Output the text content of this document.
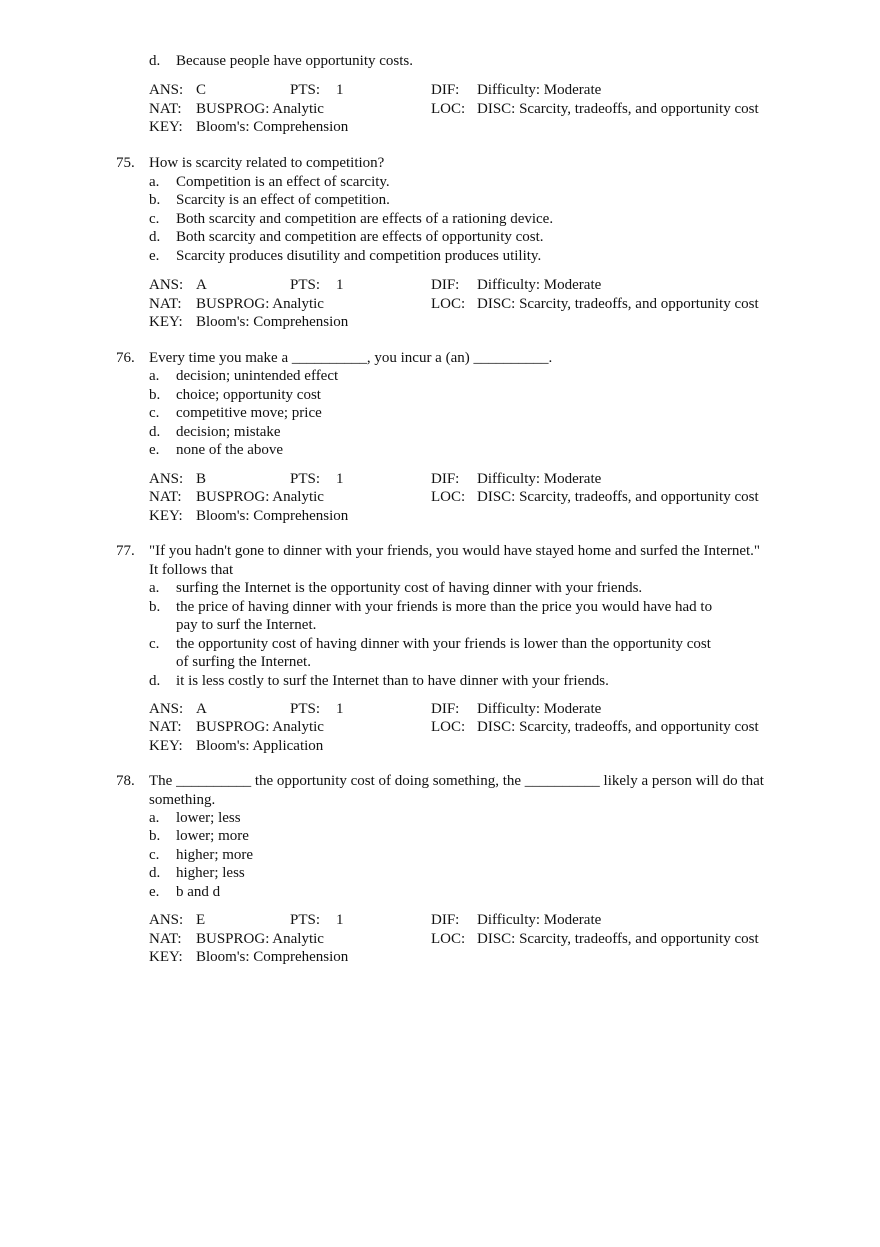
d. Because people have opportunity costs.
ANS: C	PTS: 1	DIF: Difficulty: Moderate
NAT: BUSPROG: Analytic	LOC: DISC: Scarcity, tradeoffs, and opportunity cost
KEY: Bloom's: Comprehension
75. How is scarcity related to competition?
a. Competition is an effect of scarcity.
b. Scarcity is an effect of competition.
c. Both scarcity and competition are effects of a rationing device.
d. Both scarcity and competition are effects of opportunity cost.
e. Scarcity produces disutility and competition produces utility.
ANS: A	PTS: 1	DIF: Difficulty: Moderate
NAT: BUSPROG: Analytic	LOC: DISC: Scarcity, tradeoffs, and opportunity cost
KEY: Bloom's: Comprehension
76. Every time you make a __________, you incur a (an) __________.
a. decision; unintended effect
b. choice; opportunity cost
c. competitive move; price
d. decision; mistake
e. none of the above
ANS: B	PTS: 1	DIF: Difficulty: Moderate
NAT: BUSPROG: Analytic	LOC: DISC: Scarcity, tradeoffs, and opportunity cost
KEY: Bloom's: Comprehension
77. "If you hadn't gone to dinner with your friends, you would have stayed home and surfed the Internet."
It follows that
a. surfing the Internet is the opportunity cost of having dinner with your friends.
b. the price of having dinner with your friends is more than the price you would have had to
pay to surf the Internet.
c. the opportunity cost of having dinner with your friends is lower than the opportunity cost
of surfing the Internet.
d. it is less costly to surf the Internet than to have dinner with your friends.
ANS: A	PTS: 1	DIF: Difficulty: Moderate
NAT: BUSPROG: Analytic	LOC: DISC: Scarcity, tradeoffs, and opportunity cost
KEY: Bloom's: Application
78. The __________ the opportunity cost of doing something, the __________ likely a person will do that
something.
a. lower; less
b. lower; more
c. higher; more
d. higher; less
e. b and d
ANS: E	PTS: 1	DIF: Difficulty: Moderate
NAT: BUSPROG: Analytic	LOC: DISC: Scarcity, tradeoffs, and opportunity cost
KEY: Bloom's: Comprehension
